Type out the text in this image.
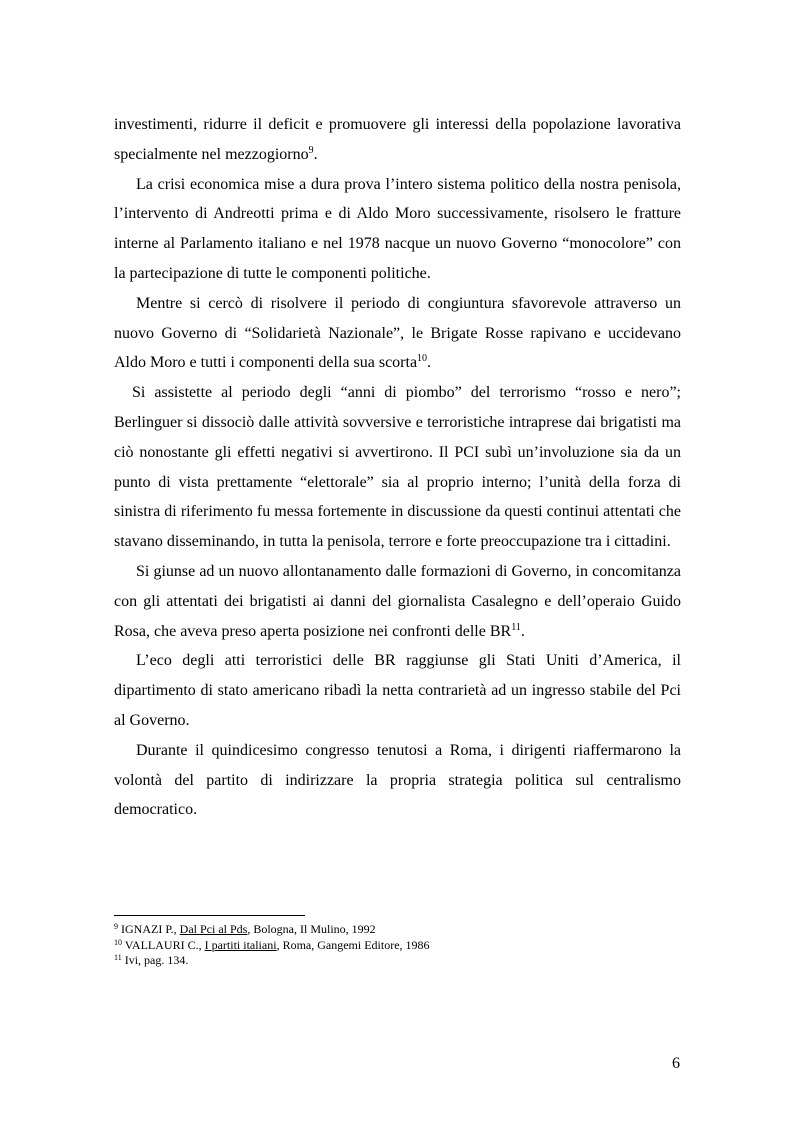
investimenti, ridurre il deficit e promuovere gli interessi della popolazione lavorativa specialmente nel mezzogiorno$^9$.

La crisi economica mise a dura prova l’intero sistema politico della nostra penisola, l’intervento di Andreotti prima e di Aldo Moro successivamente, risolsero le fratture interne al Parlamento italiano e nel 1978 nacque un nuovo Governo “monocolore” con la partecipazione di tutte le componenti politiche.

Mentre si cercò di risolvere il periodo di congiuntura sfavorevole attraverso un nuovo Governo di “Solidarietà Nazionale”, le Brigate Rosse rapivano e uccidevano Aldo Moro e tutti i componenti della sua scorta$^{10}$.

Si assistette al periodo degli “anni di piombo” del terrorismo “rosso e nero”; Berlinguer si dissociò dalle attività sovversive e terroristiche intraprese dai brigatisti ma ciò nonostante gli effetti negativi si avvertirono. Il PCI subì un’involuzione sia da un punto di vista prettamente “elettorale” sia al proprio interno; l’unità della forza di sinistra di riferimento fu messa fortemente in discussione da questi continui attentati che stavano disseminando, in tutta la penisola, terrore e forte preoccupazione tra i cittadini.

Si giunse ad un nuovo allontanamento dalle formazioni di Governo, in concomitanza con gli attentati dei brigatisti ai danni del giornalista Casalegno e dell’operaio Guido Rosa, che aveva preso aperta posizione nei confronti delle BR$^{11}$.

L’eco degli atti terroristici delle BR raggiunse gli Stati Uniti d’America, il dipartimento di stato americano ribadì la netta contrarietà ad un ingresso stabile del Pci al Governo.

Durante il quindicesimo congresso tenutosi a Roma, i dirigenti riaffermarono la volontà del partito di indirizzare la propria strategia politica sul centralismo democratico.

$^9$ IGNAZI P., Dal Pci al Pds, Bologna, Il Mulino, 1992
$^{10}$ VALLAURI C., I partiti italiani, Roma, Gangemi Editore, 1986
$^{11}$ Ivi, pag. 134.
6
